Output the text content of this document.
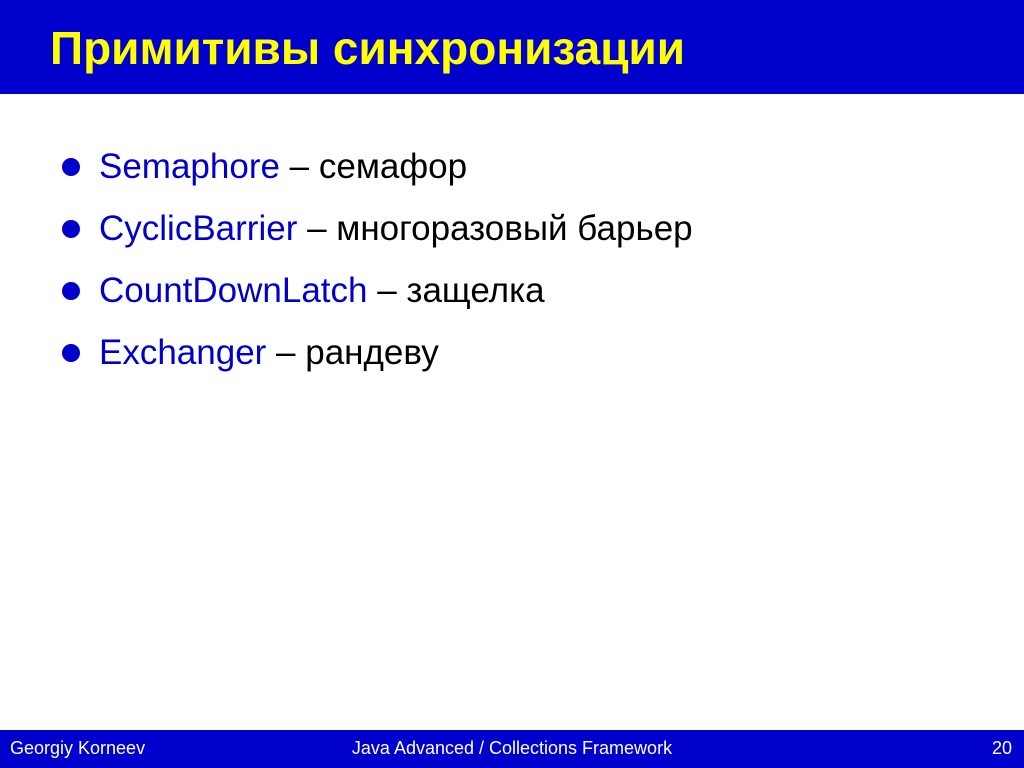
Примитивы синхронизации
Semaphore – семафор
CyclicBarrier – многоразовый барьер
CountDownLatch – защелка
Exchanger – рандеву
Georgiy Korneev	Java Advanced / Collections Framework	20
